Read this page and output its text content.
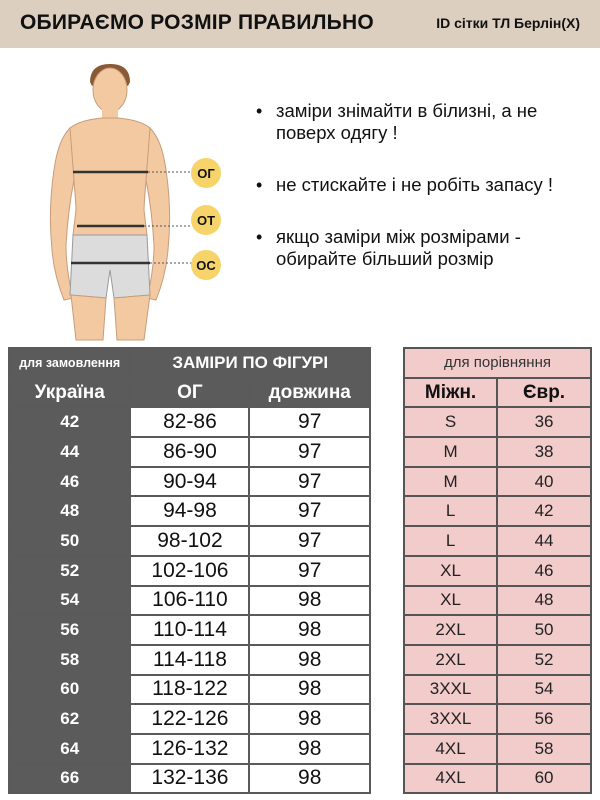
ОБИРАЄМО РОЗМІР ПРАВИЛЬНО	ID сітки ТЛ Берлін(X)
ОГ
ОТ
ОС
• заміри знімайти в білизні, а не поверх одягу !
• не стискайте і не робіть запасу !
• якщо заміри між розмірами - обирайте більший розмір
для замовлення	ЗАМІРИ ПО ФІГУРІ	
Україна	ОГ	довжина
42	82-86	97
44	86-90	97
46	90-94	97
48	94-98	97
50	98-102	97
52	102-106	97
54	106-110	98
56	110-114	98
58	114-118	98
60	118-122	98
62	122-126	98
64	126-132	98
66	132-136	98
для порівняння	
Міжн.	Євр.
S	36
M	38
M	40
L	42
L	44
XL	46
XL	48
2XL	50
2XL	52
3XXL	54
3XXL	56
4XL	58
4XL	60
